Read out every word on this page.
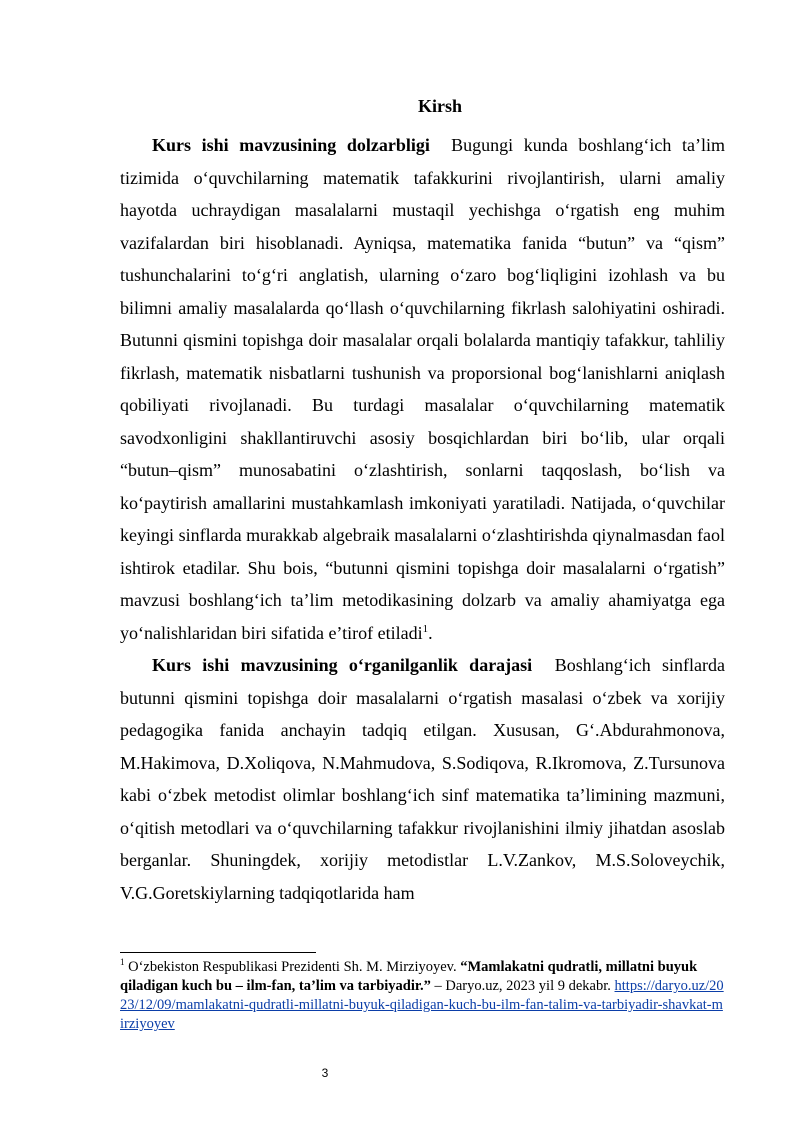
Kirsh

Kurs ishi mavzusining dolzarbligi Bugungi kunda boshlang‘ich ta’lim tizimida o‘quvchilarning matematik tafakkurini rivojlantirish, ularni amaliy hayotda uchraydigan masalalarni mustaqil yechishga o‘rgatish eng muhim vazifalardan biri hisoblanadi. Ayniqsa, matematika fanida “butun” va “qism” tushunchalarini to‘g‘ri anglatish, ularning o‘zaro bog‘liqligini izohlash va bu bilimni amaliy masalalarda qo‘llash o‘quvchilarning fikrlash salohiyatini oshiradi. Butunni qismini topishga doir masalalar orqali bolalarda mantiqiy tafakkur, tahliliy fikrlash, matematik nisbatlarni tushunish va proporsional bog‘lanishlarni aniqlash qobiliyati rivojlanadi. Bu turdagi masalalar o‘quvchilarning matematik savodxonligini shakllantiruvchi asosiy bosqichlardan biri bo‘lib, ular orqali “butun–qism” munosabatini o‘zlashtirish, sonlarni taqqoslash, bo‘lish va ko‘paytirish amallarini mustahkamlash imkoniyati yaratiladi. Natijada, o‘quvchilar keyingi sinflarda murakkab algebraik masalalarni o‘zlashtirishda qiynalmasdan faol ishtirok etadilar. Shu bois, “butunni qismini topishga doir masalalarni o‘rgatish” mavzusi boshlang‘ich ta’lim metodikasining dolzarb va amaliy ahamiyatga ega yo‘nalishlaridan biri sifatida e’tirof etiladi$^1$.

Kurs ishi mavzusining o‘rganilganlik darajasi Boshlang‘ich sinflarda butunni qismini topishga doir masalalarni o‘rgatish masalasi o‘zbek va xorijiy pedagogika fanida anchayin tadqiq etilgan. Xususan, G‘.Abdurahmonova, M.Hakimova, D.Xoliqova, N.Mahmudova, S.Sodiqova, R.Ikromova, Z.Tursunova kabi o‘zbek metodist olimlar boshlang‘ich sinf matematika ta’limining mazmuni, o‘qitish metodlari va o‘quvchilarning tafakkur rivojlanishini ilmiy jihatdan asoslab berganlar. Shuningdek, xorijiy metodistlar L.V.Zankov, M.S.Soloveychik, V.G.Goretskiylarning tadqiqotlarida ham

$^1$ O‘zbekiston Respublikasi Prezidenti Sh. M. Mirziyoyev. “Mamlakatni qudratli, millatni buyuk qiladigan kuch bu – ilm-fan, ta’lim va tarbiyadir.” – Daryo.uz, 2023 yil 9 dekabr. https://daryo.uz/2023/12/09/mamlakatni-qudratli-millatni-buyuk-qiladigan-kuch-bu-ilm-fan-talim-va-tarbiyadir-shavkat-mirziyoyev
3
